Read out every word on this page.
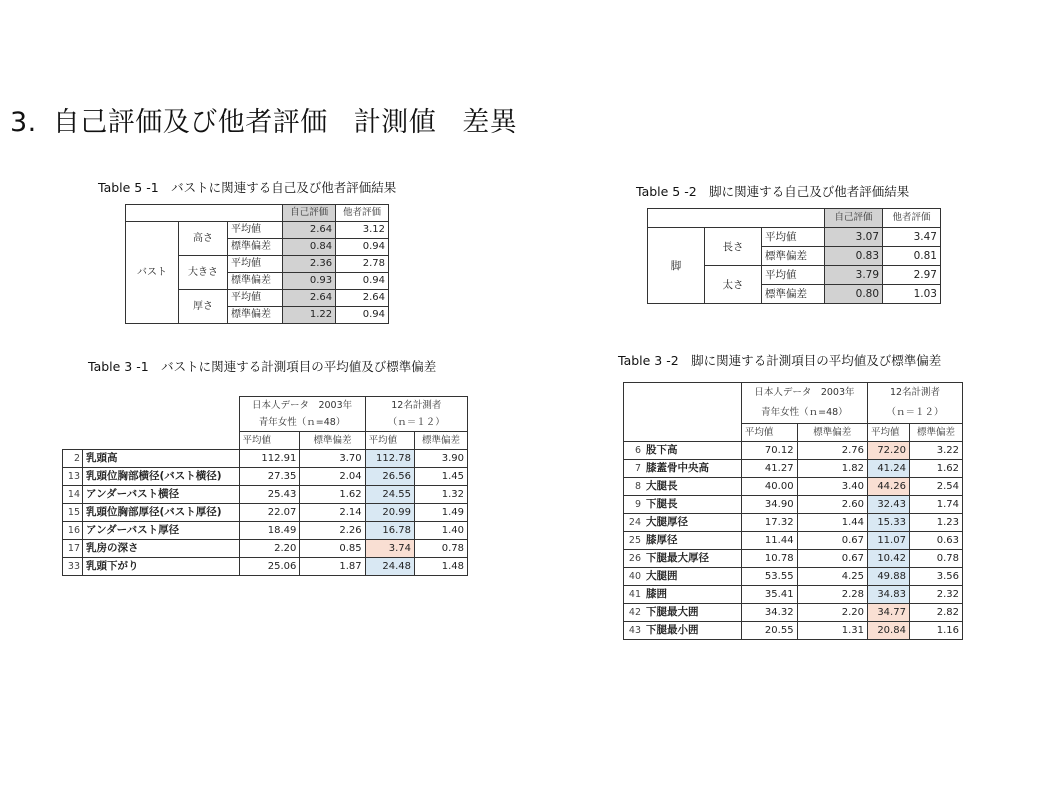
3. 自己評価及び他者評価 計測値 差異
Table 5 -1　バストに関連する自己及び他者評価結果
			自己評価	他者評価
バスト	高さ	平均値	2.64	3.12
		標準偏差	0.84	0.94
	大きさ	平均値	2.36	2.78
		標準偏差	0.93	0.94
	厚さ	平均値	2.64	2.64
		標準偏差	1.22	0.94
Table 5 -2　脚に関連する自己及び他者評価結果
			自己評価	他者評価
脚	長さ	平均値	3.07	3.47
		標準偏差	0.83	0.81
	太さ	平均値	3.79	2.97
		標準偏差	0.80	1.03
Table 3 -1　バストに関連する計測項目の平均値及び標準偏差
		日本人データ　2003年		12名計測者	
		青年女性（ｎ=48）		（ｎ＝１２）	
		平均値	標準偏差	平均値	標準偏差
2	乳頭高	112.91	3.70	112.78	3.90
13	乳頭位胸部横径(バスト横径)	27.35	2.04	26.56	1.45
14	アンダーバスト横径	25.43	1.62	24.55	1.32
15	乳頭位胸部厚径(バスト厚径)	22.07	2.14	20.99	1.49
16	アンダーバスト厚径	18.49	2.26	16.78	1.40
17	乳房の深さ	2.20	0.85	3.74	0.78
33	乳頭下がり	25.06	1.87	24.48	1.48
Table 3 -2　脚に関連する計測項目の平均値及び標準偏差
		日本人データ　2003年		12名計測者	
		青年女性（ｎ=48）		（ｎ＝１２）	
		平均値	標準偏差	平均値	標準偏差
6	股下高	70.12	2.76	72.20	3.22
7	膝蓋骨中央高	41.27	1.82	41.24	1.62
8	大腿長	40.00	3.40	44.26	2.54
9	下腿長	34.90	2.60	32.43	1.74
24	大腿厚径	17.32	1.44	15.33	1.23
25	膝厚径	11.44	0.67	11.07	0.63
26	下腿最大厚径	10.78	0.67	10.42	0.78
40	大腿囲	53.55	4.25	49.88	3.56
41	膝囲	35.41	2.28	34.83	2.32
42	下腿最大囲	34.32	2.20	34.77	2.82
43	下腿最小囲	20.55	1.31	20.84	1.16
